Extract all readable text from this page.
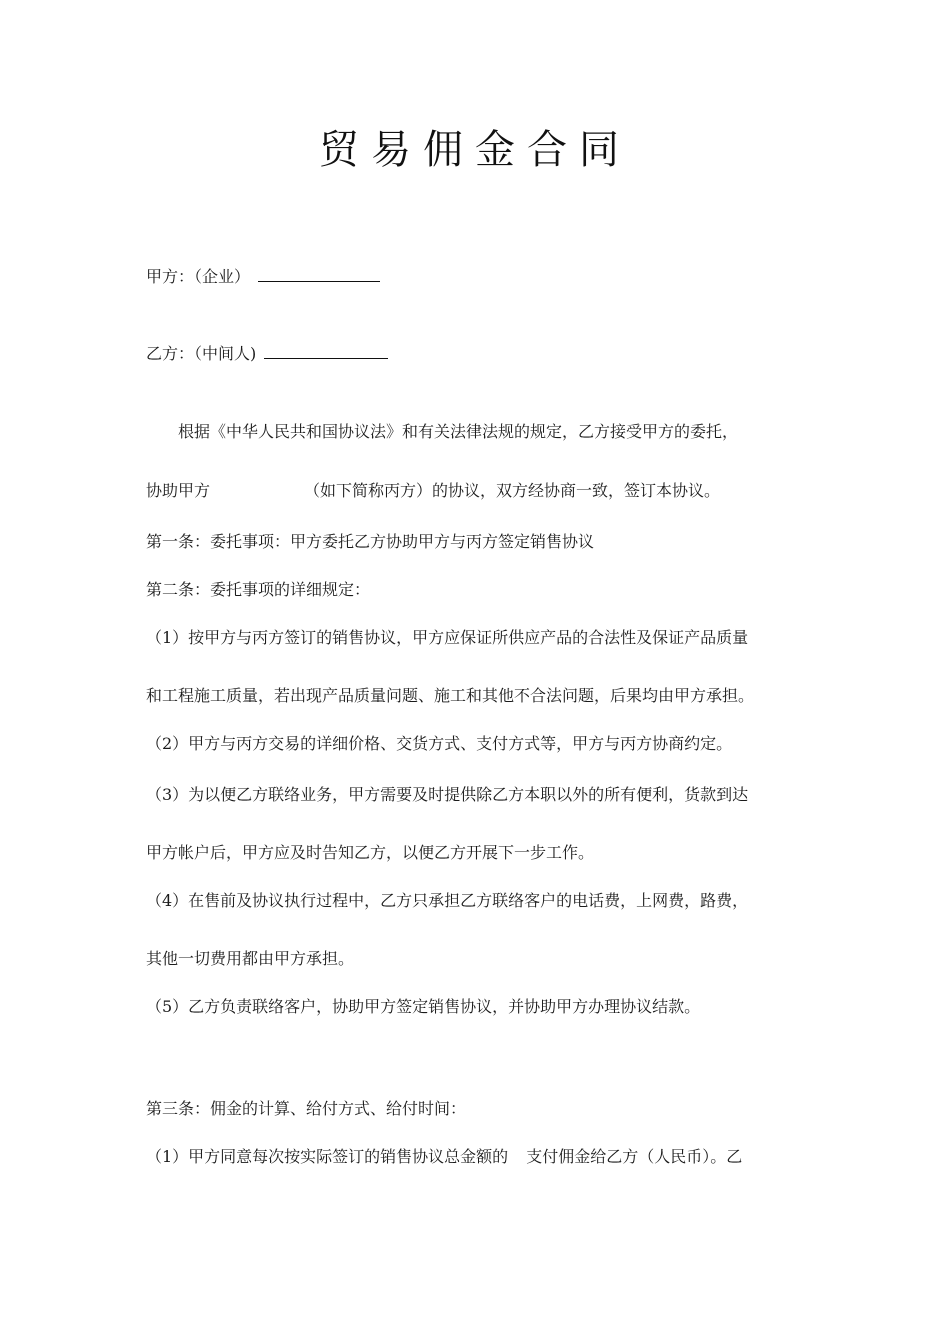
贸易佣金合同
甲方：（企业）
乙方：（中间人)
根据《中华人民共和国协议法》和有关法律法规的规定，乙方接受甲方的委托，
协助甲方	（如下简称丙方）的协议，双方经协商一致，签订本协议。
第一条：委托事项：甲方委托乙方协助甲方与丙方签定销售协议
第二条：委托事项的详细规定：
（1）按甲方与丙方签订的销售协议，甲方应保证所供应产品的合法性及保证产品质量
和工程施工质量，若出现产品质量问题、施工和其他不合法问题，后果均由甲方承担。
（2）甲方与丙方交易的详细价格、交货方式、支付方式等，甲方与丙方协商约定。
（3）为以便乙方联络业务，甲方需要及时提供除乙方本职以外的所有便利，货款到达
甲方帐户后，甲方应及时告知乙方，以便乙方开展下一步工作。
（4）在售前及协议执行过程中，乙方只承担乙方联络客户的电话费，上网费，路费，
其他一切费用都由甲方承担。
（5）乙方负责联络客户，协助甲方签定销售协议，并协助甲方办理协议结款。
第三条：佣金的计算、给付方式、给付时间：
（1）甲方同意每次按实际签订的销售协议总金额的 支付佣金给乙方（人民币）。乙
